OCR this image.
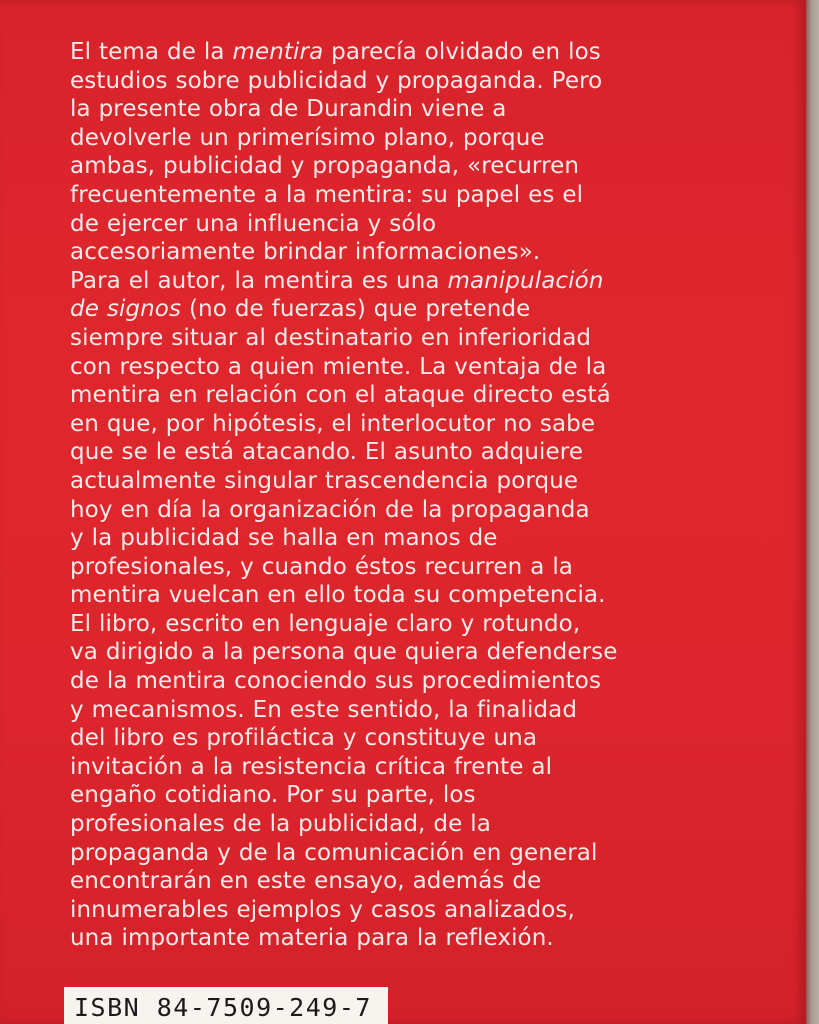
El tema de la mentira parecía olvidado en los
estudios sobre publicidad y propaganda. Pero
la presente obra de Durandin viene a
devolverle un primerísimo plano, porque
ambas, publicidad y propaganda, «recurren
frecuentemente a la mentira: su papel es el
de ejercer una influencia y sólo
accesoriamente brindar informaciones».
Para el autor, la mentira es una manipulación
de signos (no de fuerzas) que pretende
siempre situar al destinatario en inferioridad
con respecto a quien miente. La ventaja de la
mentira en relación con el ataque directo está
en que, por hipótesis, el interlocutor no sabe
que se le está atacando. El asunto adquiere
actualmente singular trascendencia porque
hoy en día la organización de la propaganda
y la publicidad se halla en manos de
profesionales, y cuando éstos recurren a la
mentira vuelcan en ello toda su competencia.
El libro, escrito en lenguaje claro y rotundo,
va dirigido a la persona que quiera defenderse
de la mentira conociendo sus procedimientos
y mecanismos. En este sentido, la finalidad
del libro es profiláctica y constituye una
invitación a la resistencia crítica frente al
engaño cotidiano. Por su parte, los
profesionales de la publicidad, de la
propaganda y de la comunicación en general
encontrarán en este ensayo, además de
innumerables ejemplos y casos analizados,
una importante materia para la reflexión.
ISBN 84-7509-249-7
